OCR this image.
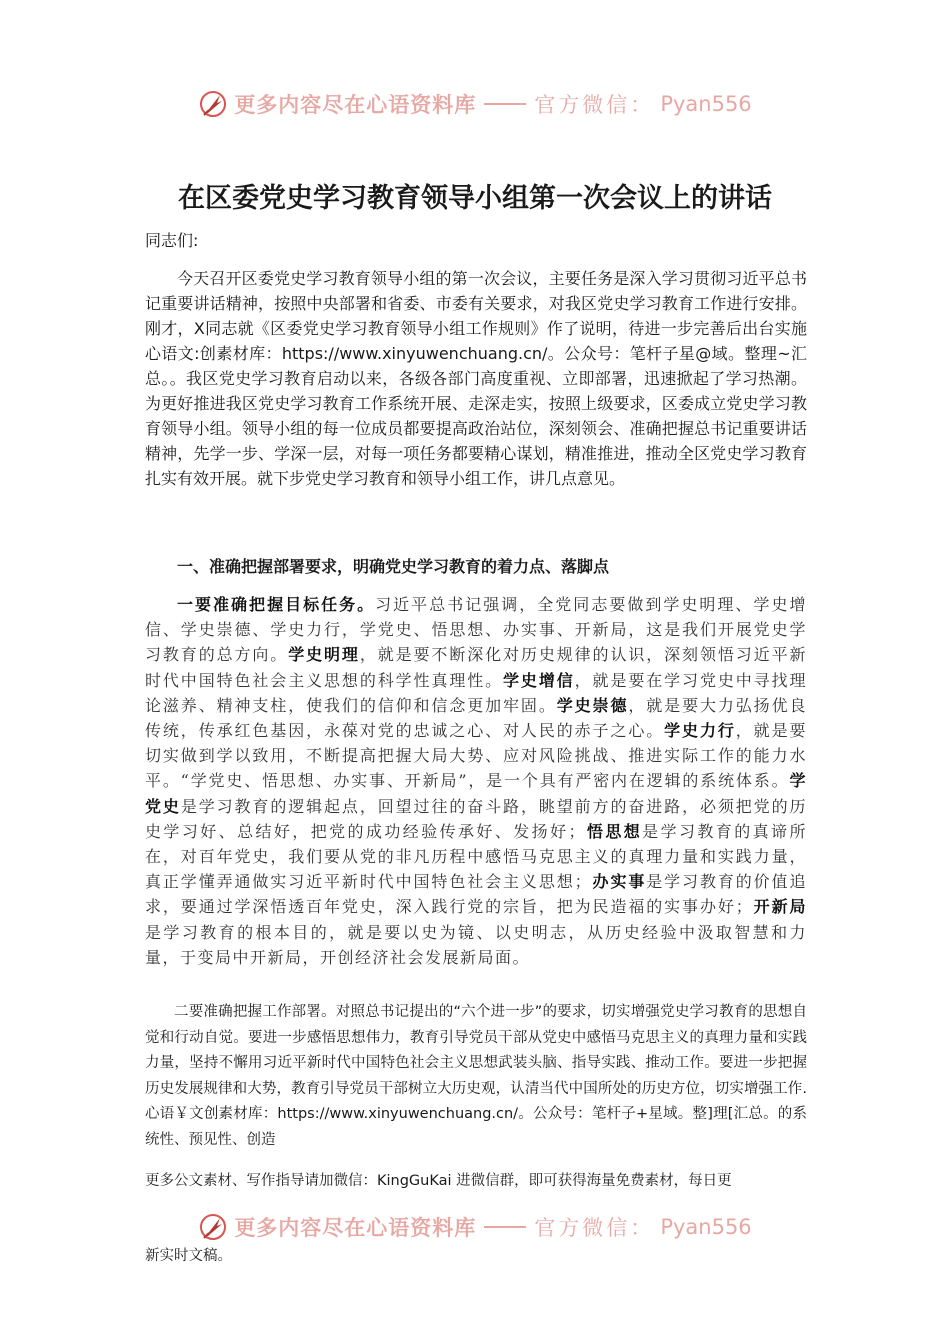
更多内容尽在心语资料库	官方微信： Pyan556
在区委党史学习教育领导小组第一次会议上的讲话
同志们:
今天召开区委党史学习教育领导小组的第一次会议，主要任务是深入学习贯彻习近平总书记重要讲话精神，按照中央部署和省委、市委有关要求，对我区党史学习教育工作进行安排。刚才，X同志就《区委党史学习教育领导小组工作规则》作了说明，待进一步完善后出台实施心语文:创素材库：https://www.xinyuwenchuang.cn/。公众号：笔杆子星@域。整理~汇总。。我区党史学习教育启动以来，各级各部门高度重视、立即部署，迅速掀起了学习热潮。为更好推进我区党史学习教育工作系统开展、走深走实，按照上级要求，区委成立党史学习教育领导小组。领导小组的每一位成员都要提高政治站位，深刻领会、准确把握总书记重要讲话精神，先学一步、学深一层，对每一项任务都要精心谋划，精准推进，推动全区党史学习教育扎实有效开展。就下步党史学习教育和领导小组工作，讲几点意见。
一、准确把握部署要求，明确党史学习教育的着力点、落脚点
一要准确把握目标任务。习近平总书记强调，全党同志要做到学史明理、学史增信、学史崇德、学史力行，学党史、悟思想、办实事、开新局，这是我们开展党史学习教育的总方向。学史明理，就是要不断深化对历史规律的认识，深刻领悟习近平新时代中国特色社会主义思想的科学性真理性。学史增信，就是要在学习党史中寻找理论滋养、精神支柱，使我们的信仰和信念更加牢固。学史崇德，就是要大力弘扬优良传统，传承红色基因，永葆对党的忠诚之心、对人民的赤子之心。学史力行，就是要切实做到学以致用，不断提高把握大局大势、应对风险挑战、推进实际工作的能力水平。“学党史、悟思想、办实事、开新局”，是一个具有严密内在逻辑的系统体系。学党史是学习教育的逻辑起点，回望过往的奋斗路，眺望前方的奋进路，必须把党的历史学习好、总结好，把党的成功经验传承好、发扬好；悟思想是学习教育的真谛所在，对百年党史，我们要从党的非凡历程中感悟马克思主义的真理力量和实践力量，真正学懂弄通做实习近平新时代中国特色社会主义思想；办实事是学习教育的价值追求，要通过学深悟透百年党史，深入践行党的宗旨，把为民造福的实事办好；开新局是学习教育的根本目的，就是要以史为镜、以史明志，从历史经验中汲取智慧和力量，于变局中开新局，开创经济社会发展新局面。
二要准确把握工作部署。对照总书记提出的“六个进一步”的要求，切实增强党史学习教育的思想自觉和行动自觉。要进一步感悟思想伟力，教育引导党员干部从党史中感悟马克思主义的真理力量和实践力量，坚持不懈用习近平新时代中国特色社会主义思想武装头脑、指导实践、推动工作。要进一步把握历史发展规律和大势，教育引导党员干部树立大历史观，认清当代中国所处的历史方位，切实增强工作.心语￥文创素材库：https://www.xinyuwenchuang.cn/。公众号：笔杆子+星域。整]理[汇总。的系统性、预见性、创造
更多公文素材、写作指导请加微信：KingGuKai 进微信群，即可获得海量免费素材，每日更
更多内容尽在心语资料库	官方微信： Pyan556
新实时文稿。
